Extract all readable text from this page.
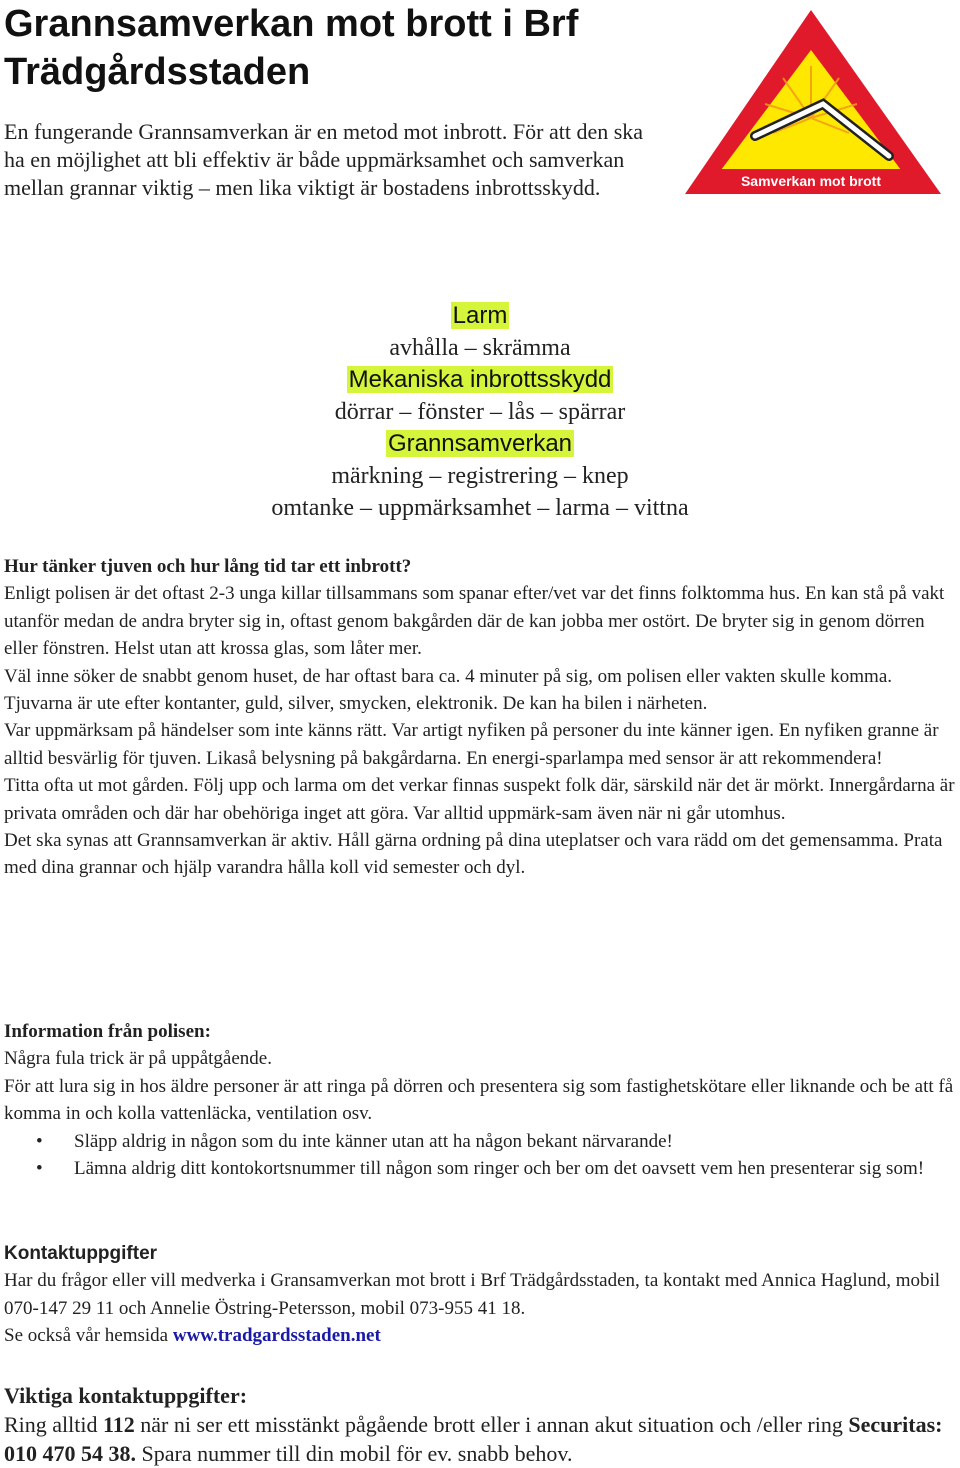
Grannsamverkan mot brott i Brf Trädgårdsstaden

En fungerande Grannsamverkan är en metod mot inbrott. För att den ska ha en möjlighet att bli effektiv är både uppmärksamhet och samverkan mellan grannar viktig – men lika viktigt är bostadens inbrottsskydd.	Samverkan mot brott
Larm
avhålla – skrämma
Mekaniska inbrottsskydd
dörrar – fönster – lås – spärrar
Grannsamverkan
märkning – registrering – knep
omtanke – uppmärksamhet – larma – vittna

Hur tänker tjuven och hur lång tid tar ett inbrott?

Enligt polisen är det oftast 2-3 unga killar tillsammans som spanar efter/vet var det finns folktomma hus. En kan stå på vakt utanför medan de andra bryter sig in, oftast genom bakgården där de kan jobba mer ostört. De bryter sig in genom dörren eller fönstren. Helst utan att krossa glas, som låter mer.

Väl inne söker de snabbt genom huset, de har oftast bara ca. 4 minuter på sig, om polisen eller vakten skulle komma. Tjuvarna är ute efter kontanter, guld, silver, smycken, elektronik. De kan ha bilen i närheten.

Var uppmärksam på händelser som inte känns rätt. Var artigt nyfiken på personer du inte känner igen. En nyfiken granne är alltid besvärlig för tjuven. Likaså belysning på bakgårdarna. En energi-sparlampa med sensor är att rekommendera!

Titta ofta ut mot gården. Följ upp och larma om det verkar finnas suspekt folk där, särskild när det är mörkt. Innergårdarna är privata områden och där har obehöriga inget att göra. Var alltid uppmärk-sam även när ni går utomhus.

Det ska synas att Grannsamverkan är aktiv. Håll gärna ordning på dina uteplatser och vara rädd om det gemensamma. Prata med dina grannar och hjälp varandra hålla koll vid semester och dyl.

Information från polisen:

Några fula trick är på uppåtgående.

För att lura sig in hos äldre personer är att ringa på dörren och presentera sig som fastighetskötare eller liknande och be att få komma in och kolla vattenläcka, ventilation osv.

• Släpp aldrig in någon som du inte känner utan att ha någon bekant närvarande!
• Lämna aldrig ditt kontokortsnummer till någon som ringer och ber om det oavsett vem hen presenterar sig som!

Kontaktuppgifter

Har du frågor eller vill medverka i Gransamverkan mot brott i Brf Trädgårdsstaden, ta kontakt med Annica Haglund, mobil 070-147 29 11 och Annelie Östring-Petersson, mobil 073-955 41 18.

Se också vår hemsida www.tradgardsstaden.net

Viktiga kontaktuppgifter:

Ring alltid 112 när ni ser ett misstänkt pågående brott eller i annan akut situation och /eller ring Securitas: 010 470 54 38. Spara nummer till din mobil för ev. snabb behov.
